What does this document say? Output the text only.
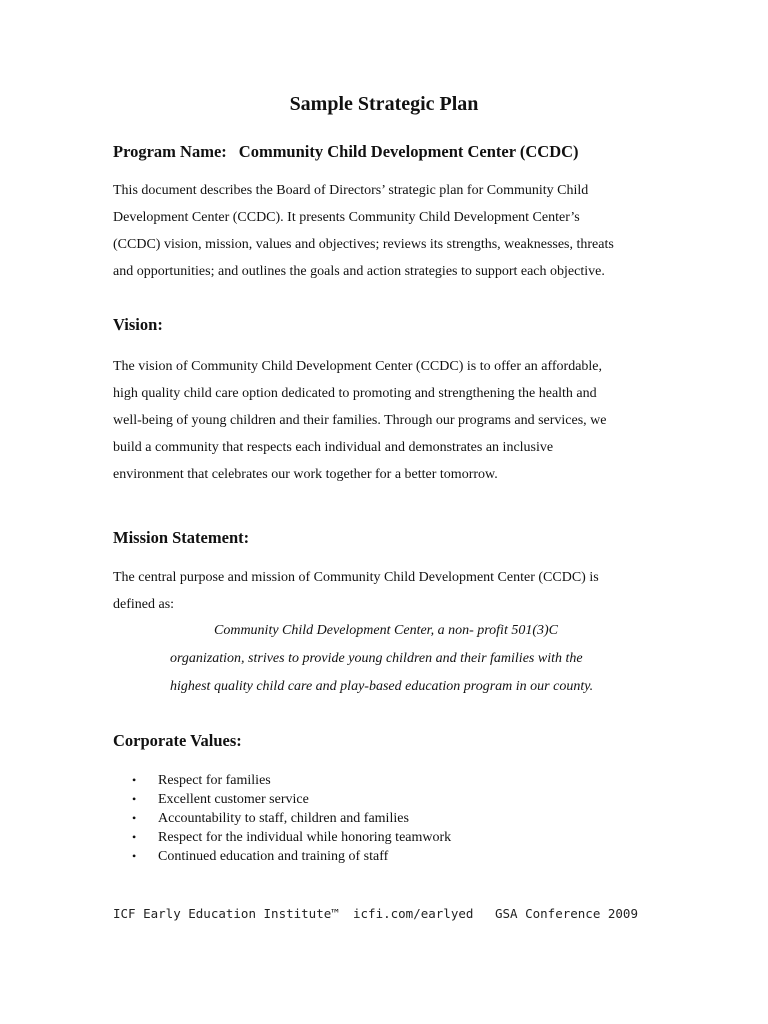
Sample Strategic Plan

Program Name: Community Child Development Center (CCDC)

This document describes the Board of Directors’ strategic plan for Community Child
Development Center (CCDC). It presents Community Child Development Center’s
(CCDC) vision, mission, values and objectives; reviews its strengths, weaknesses, threats
and opportunities; and outlines the goals and action strategies to support each objective.

Vision:

The vision of Community Child Development Center (CCDC) is to offer an affordable,
high quality child care option dedicated to promoting and strengthening the health and
well-being of young children and their families. Through our programs and services, we
build a community that respects each individual and demonstrates an inclusive
environment that celebrates our work together for a better tomorrow.

Mission Statement:

The central purpose and mission of Community Child Development Center (CCDC) is
defined as:

Community Child Development Center, a non- profit 501(3)C
organization, strives to provide young children and their families with the
highest quality child care and play-based education program in our county.

Corporate Values:
• Respect for families
• Excellent customer service
• Accountability to staff, children and families
• Respect for the individual while honoring teamwork
• Continued education and training of staff
ICF Early Education Institute™ icfi.com/earlyed GSA Conference 2009
